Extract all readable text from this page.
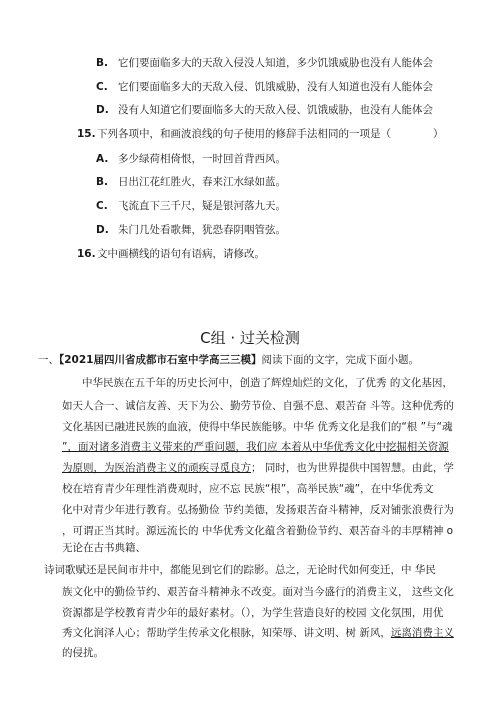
B. 它们要面临多大的天敌入侵没人知道，多少饥饿威胁也没有人能体会
C. 它们要面临多大的天敌入侵、饥饿威胁，没有人知道也没有人能体会
D. 没有人知道它们要面临多大的天敌入侵、饥饿威胁，也没有人能体会
15.下列各项中，和画波浪线的句子使用的修辞手法相同的一项是（　　　　）
A. 多少绿荷相倚恨，一时回首背西风。
B. 日出江花红胜火，春来江水绿如蓝。
C. 飞流直下三千尺，疑是银河落九天。
D. 朱门几处看歌舞，犹恐春阴咽管弦。
16.文中画横线的语句有语病，请修改。
C组 · 过关检测
一、【2021届四川省成都市石室中学高三三模】阅读下面的文字，完成下面小题。
中华民族在五千年的历史长河中，创造了辉煌灿烂的文化，了优秀 的文化基因，
如天人合一、诚信友善、天下为公、勤劳节俭、自强不息、艰苦奋 斗等。这种优秀的
文化基因已融进民族的血液，使得中华民族能够。中华 优秀文化是我们的“根 ”与“魂
”，面对诸多消费主义带来的严重问题，我们应 本着从中华优秀文化中挖掘相关资源
为原则，为医治消费主义的顽疾寻觅良方； 同时，也为世界提供中国智慧。由此，学
校在培育青少年理性消费观时，应不忘 民族“根”，高举民族“魂”，在中华优秀文
化中对青少年进行教育。弘扬勤俭 节约美德，发扬艰苦奋斗精神，反对铺张浪费行为
，可谓正当其时。源远流长的 中华优秀文化蕴含着勤俭节约、艰苦奋斗的丰厚精神 o
无论在古书典籍、
诗词歌赋还是民间市井中，都能见到它们的踪影。总之，无论时代如何变迁，中 华民
族文化中的勤俭节约、艰苦奋斗精神永不改变。面对当今盛行的消费主义， 这些文化
资源都是学校教育青少年的最好素材。（），为学生营造良好的校园 文化氛围，用优
秀文化润泽人心；帮助学生传承文化根脉，知荣辱、讲文明、树 新风，远离消费主义
的侵扰。
